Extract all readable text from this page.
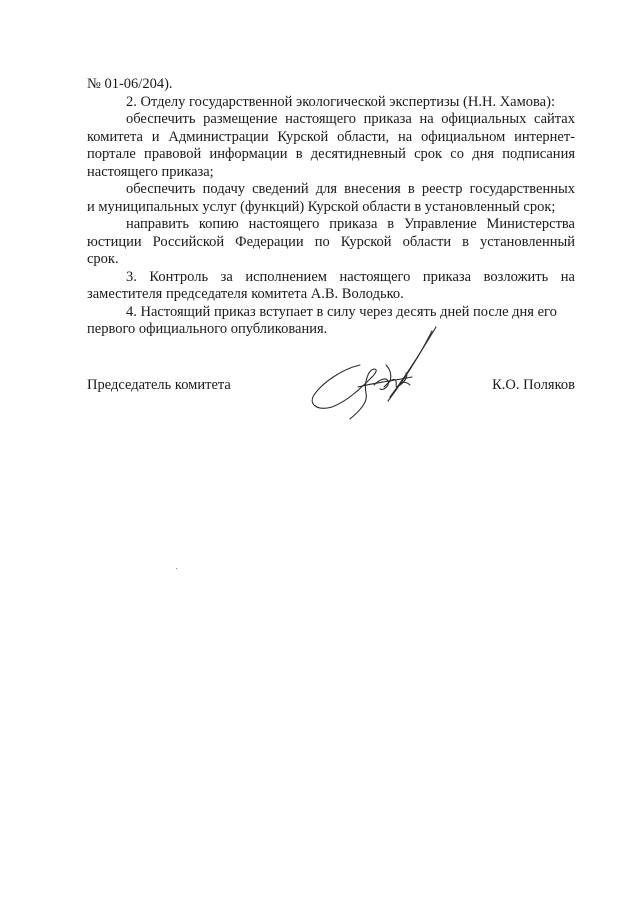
№ 01-06/204).
2. Отделу государственной экологической экспертизы (Н.Н. Хамова):
обеспечить размещение настоящего приказа на официальных сайтах
комитета и Администрации Курской области, на официальном интернет-
портале правовой информации в десятидневный срок со дня подписания
настоящего приказа;
обеспечить подачу сведений для внесения в реестр государственных
и муниципальных услуг (функций) Курской области в установленный срок;
направить копию настоящего приказа в Управление Министерства
юстиции Российской Федерации по Курской области в установленный
срок.
3. Контроль за исполнением настоящего приказа возложить на
заместителя председателя комитета А.В. Володько.
4. Настоящий приказ вступает в силу через десять дней после дня его
первого официального опубликования.
Председатель комитета	К.О. Поляков
